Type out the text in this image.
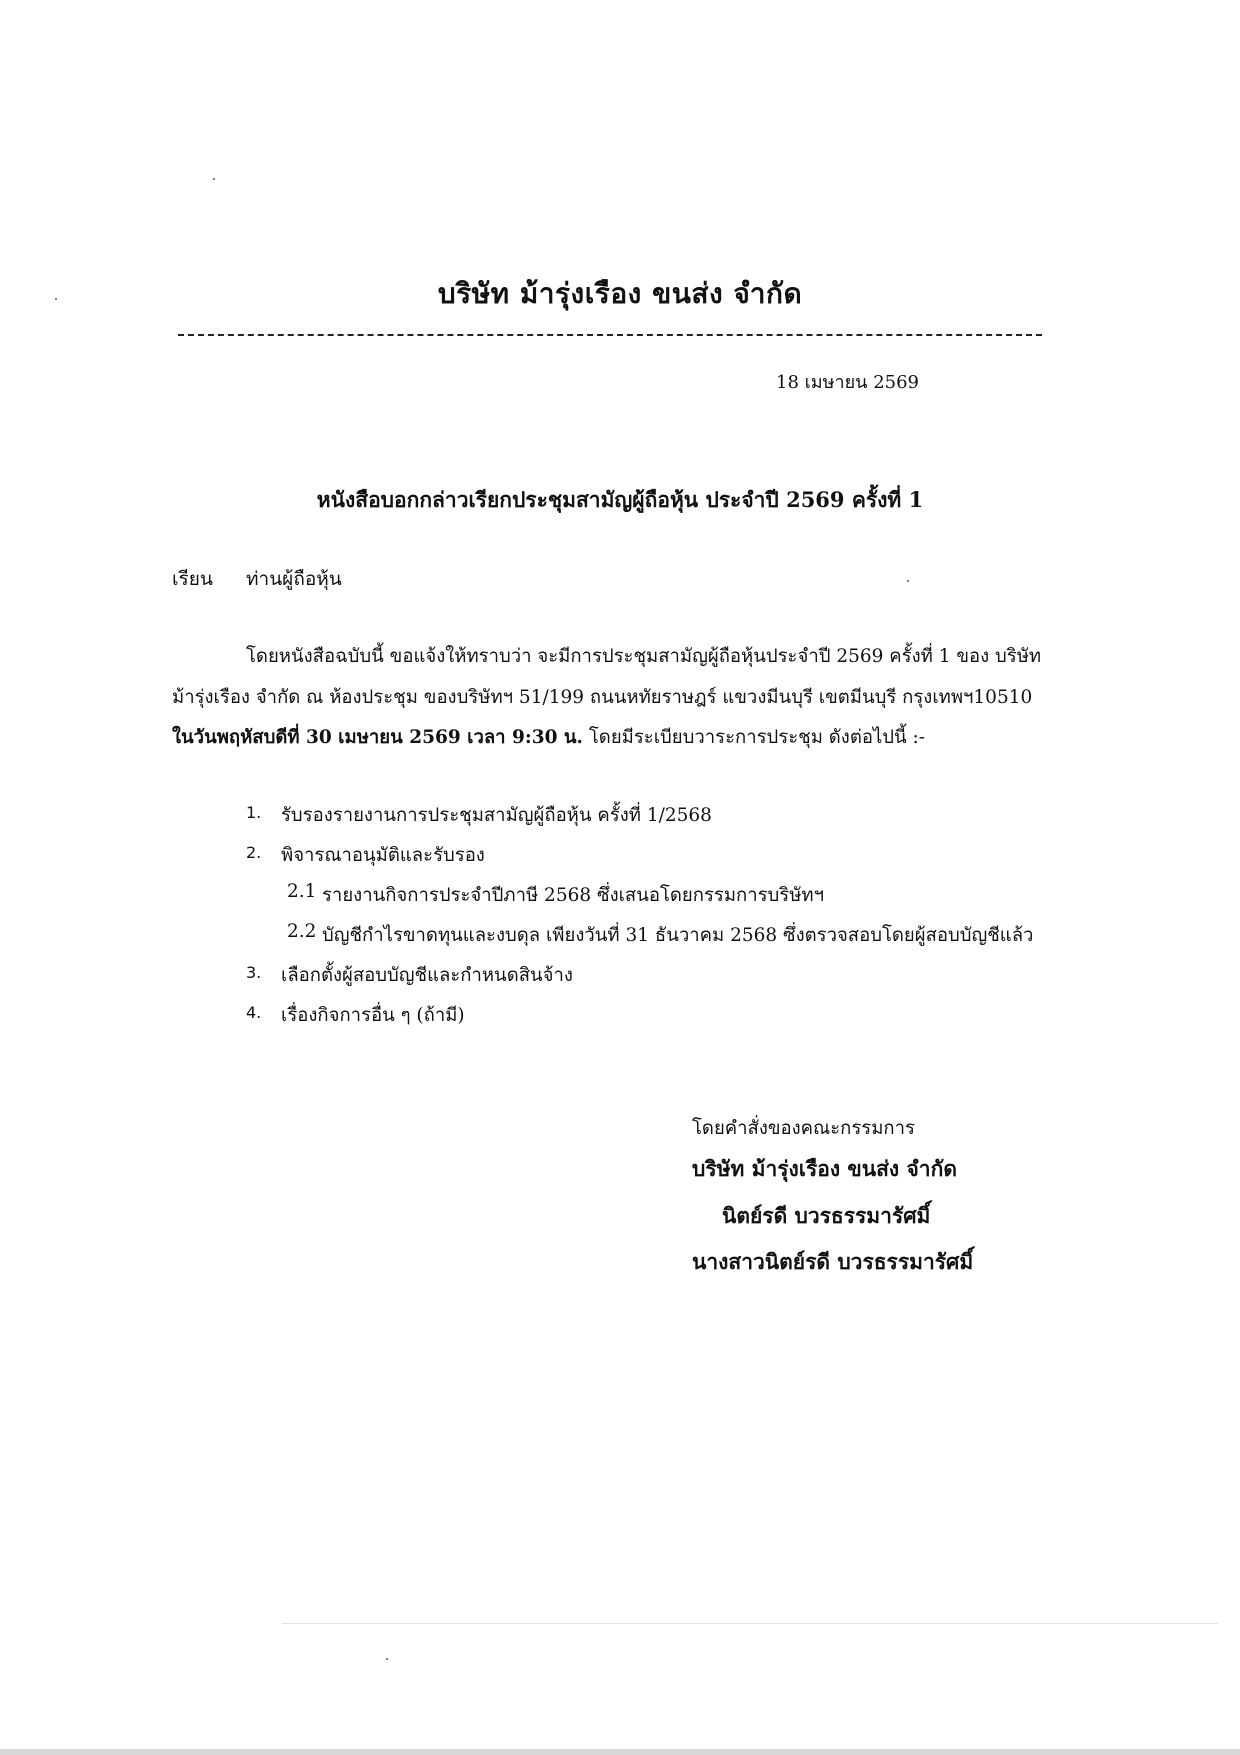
บริษัท ม้ารุ่งเรือง ขนส่ง จำกัด
18 เมษายน 2569
หนังสือบอกกล่าวเรียกประชุมสามัญผู้ถือหุ้น ประจำปี 2569 ครั้งที่ 1
เรียน ท่านผู้ถือหุ้น
โดยหนังสือฉบับนี้ ขอแจ้งให้ทราบว่า จะมีการประชุมสามัญผู้ถือหุ้นประจำปี 2569 ครั้งที่ 1 ของ บริษัท
ม้ารุ่งเรือง จำกัด ณ ห้องประชุม ของบริษัทฯ 51/199 ถนนหทัยราษฎร์ แขวงมีนบุรี เขตมีนบุรี กรุงเทพฯ10510
ในวันพฤหัสบดีที่ 30 เมษายน 2569 เวลา 9:30 น. โดยมีระเบียบวาระการประชุม ดังต่อไปนี้ :-
1. รับรองรายงานการประชุมสามัญผู้ถือหุ้น ครั้งที่ 1/2568
2. พิจารณาอนุมัติและรับรอง
2.1 รายงานกิจการประจำปีภาษี 2568 ซึ่งเสนอโดยกรรมการบริษัทฯ
2.2 บัญชีกำไรขาดทุนและงบดุล เพียงวันที่ 31 ธันวาคม 2568 ซึ่งตรวจสอบโดยผู้สอบบัญชีแล้ว
3. เลือกตั้งผู้สอบบัญชีและกำหนดสินจ้าง
4. เรื่องกิจการอื่น ๆ (ถ้ามี)
โดยคำสั่งของคณะกรรมการ
บริษัท ม้ารุ่งเรือง ขนส่ง จำกัด
นิตย์รดี บวรธรรมารัศมิ์
นางสาวนิตย์รดี บวรธรรมารัศมิ์
